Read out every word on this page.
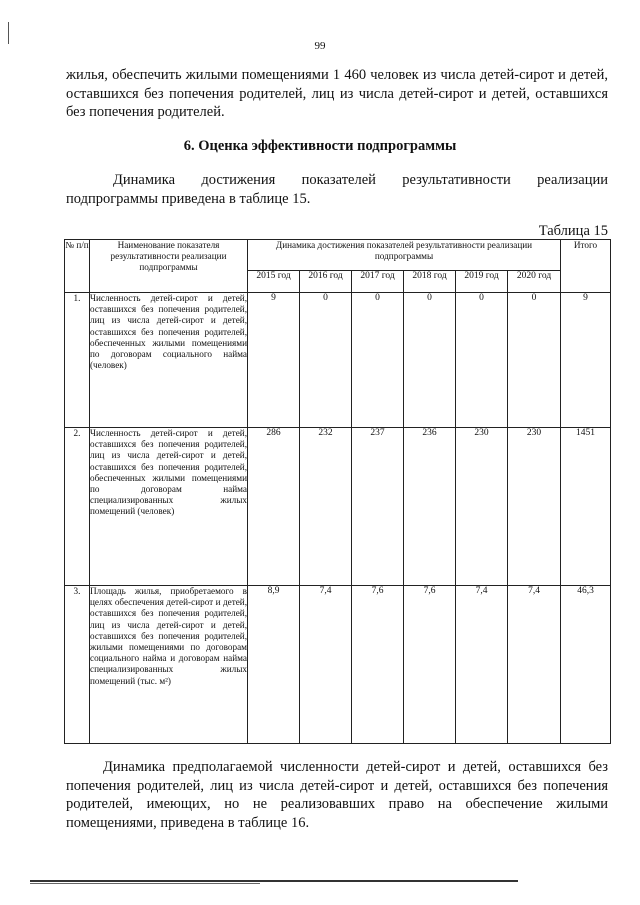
99
жилья, обеспечить жилыми помещениями 1 460 человек из числа детей-сирот и детей, оставшихся без попечения родителей, лиц из числа детей-сирот и детей, оставшихся без попечения родителей.
6. Оценка эффективности подпрограммы
Динамика достижения показателей результативности реализации подпрограммы приведена в таблице 15.
Таблица 15
№ п/п	Наименование показателя результативности реализации подпрограммы	Динамика достижения показателей результативности реализации подпрограммы						Итого
		2015 год	2016 год	2017 год	2018 год	2019 год	2020 год	
1.	Численность детей-сирот и детей, оставшихся без попечения родителей, лиц из числа детей-сирот и детей, оставшихся без попечения родителей, обеспеченных жилыми помещениями по договорам социального найма (человек)	9	0	0	0	0	0	9
2.	Численность детей-сирот и детей, оставшихся без попечения родителей, лиц из числа детей-сирот и детей, оставшихся без попечения родителей, обеспеченных жилыми помещениями по договорам найма специализированных жилых помещений (человек)	286	232	237	236	230	230	1451
3.	Площадь жилья, приобретаемого в целях обеспечения детей-сирот и детей, оставшихся без попечения родителей, лиц из числа детей-сирот и детей, оставшихся без попечения родителей, жилыми помещениями по договорам социального найма и договорам найма специализированных жилых помещений (тыс. м²)	8,9	7,4	7,6	7,6	7,4	7,4	46,3
Динамика предполагаемой численности детей-сирот и детей, оставшихся без попечения родителей, лиц из числа детей-сирот и детей, оставшихся без попечения родителей, имеющих, но не реализовавших право на обеспечение жилыми помещениями, приведена в таблице 16.
